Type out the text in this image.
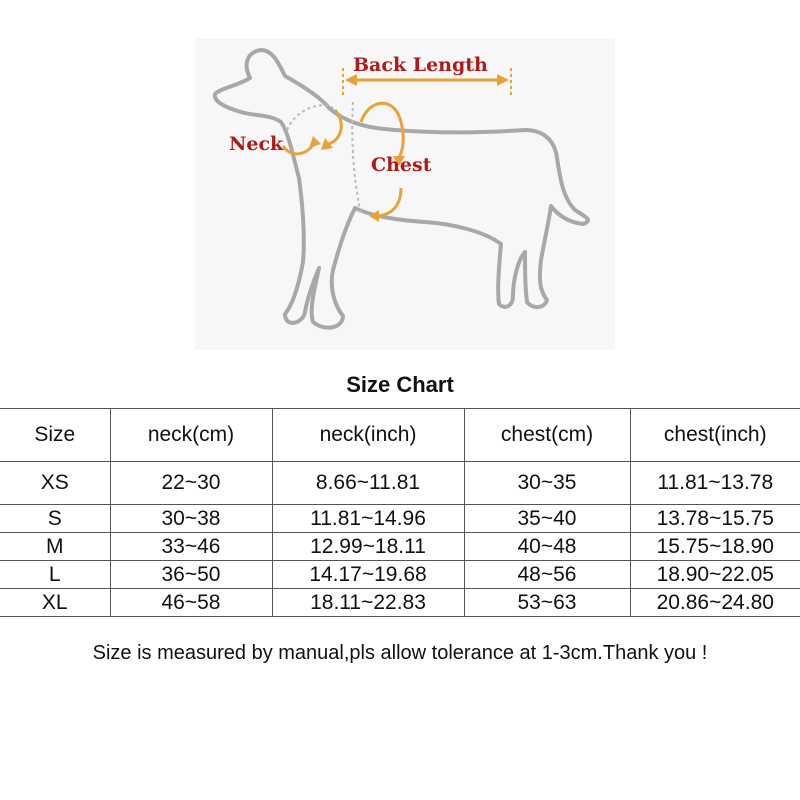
Back Length
Neck
Chest
Size Chart
Size	neck(cm)	neck(inch)	chest(cm)	chest(inch)
XS	22~30	8.66~11.81	30~35	11.81~13.78
S	30~38	11.81~14.96	35~40	13.78~15.75
M	33~46	12.99~18.11	40~48	15.75~18.90
L	36~50	14.17~19.68	48~56	18.90~22.05
XL	46~58	18.11~22.83	53~63	20.86~24.80
Size is measured by manual,pls allow tolerance at 1-3cm.Thank you !
